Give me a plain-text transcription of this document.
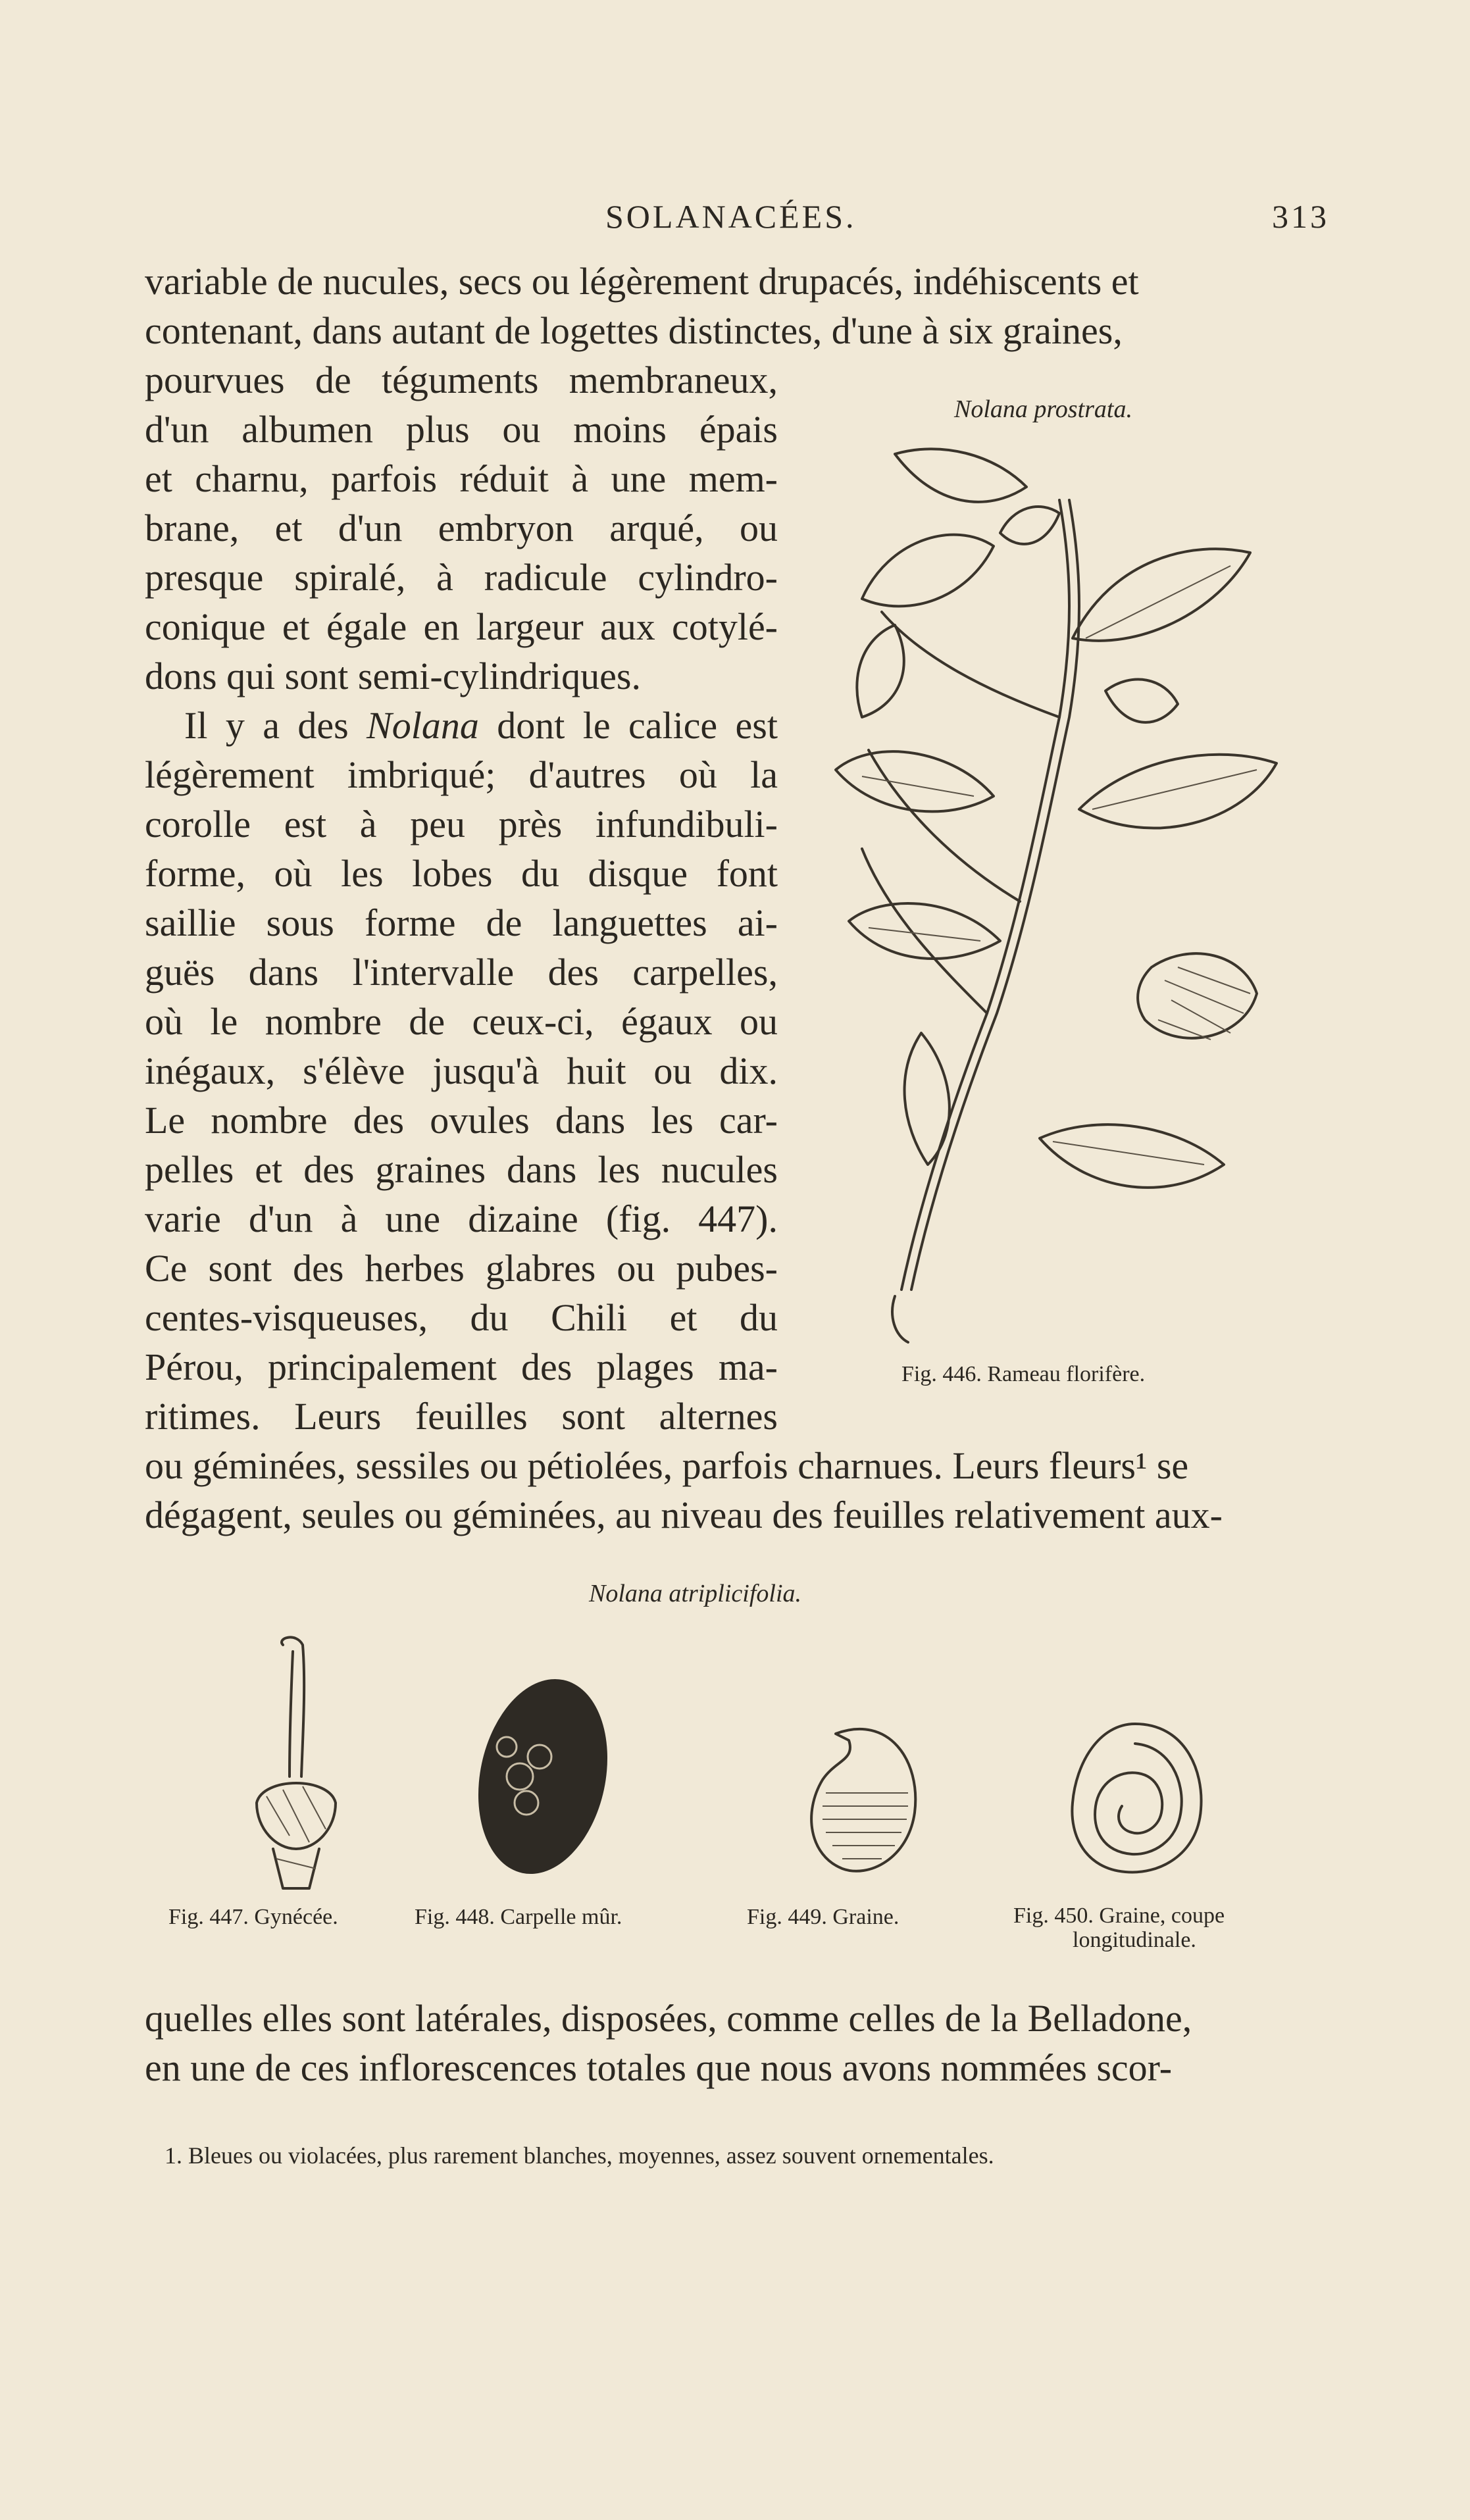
SOLANACÉES.	313
variable de nucules, secs ou légèrement drupacés, indéhiscents et
contenant, dans autant de logettes distinctes, d'une à six graines,
pourvues de téguments membraneux,
d'un albumen plus ou moins épais
et charnu, parfois réduit à une mem-
brane, et d'un embryon arqué, ou
presque spiralé, à radicule cylindro-
conique et égale en largeur aux cotylé-
dons qui sont semi-cylindriques.
Il y a des Nolana dont le calice est
légèrement imbriqué; d'autres où la
corolle est à peu près infundibuli-
forme, où les lobes du disque font
saillie sous forme de languettes ai-
guës dans l'intervalle des carpelles,
où le nombre de ceux-ci, égaux ou
inégaux, s'élève jusqu'à huit ou dix.
Le nombre des ovules dans les car-
pelles et des graines dans les nucules
varie d'un à une dizaine (fig. 447).
Ce sont des herbes glabres ou pubes-
centes-visqueuses, du Chili et du
Pérou, principalement des plages ma-
ritimes. Leurs feuilles sont alternes
ou géminées, sessiles ou pétiolées, parfois charnues. Leurs fleurs¹ se
dégagent, seules ou géminées, au niveau des feuilles relativement aux-
Nolana prostrata.
Fig. 446. Rameau florifère.
Nolana atriplicifolia.
Fig. 447. Gynécée.	Fig. 448. Carpelle mûr.	Fig. 449. Graine.	Fig. 450. Graine, coupe
longitudinale.
quelles elles sont latérales, disposées, comme celles de la Belladone,
en une de ces inflorescences totales que nous avons nommées scor-
1. Bleues ou violacées, plus rarement blanches, moyennes, assez souvent ornementales.
